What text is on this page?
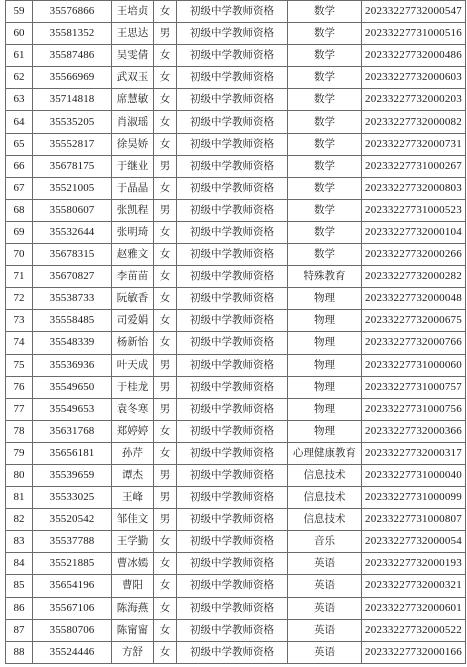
59	35576866	王培贞	女	初级中学教师资格	数学	20233227732000547
60	35581352	王思达	男	初级中学教师资格	数学	20233227731000516
61	35587486	吴雯倩	女	初级中学教师资格	数学	20233227732000486
62	35566969	武双玉	女	初级中学教师资格	数学	20233227732000603
63	35714818	席慧敏	女	初级中学教师资格	数学	20233227732000203
64	35535205	肖淑瑶	女	初级中学教师资格	数学	20233227732000082
65	35552817	徐昊娇	女	初级中学教师资格	数学	20233227732000731
66	35678175	于继业	男	初级中学教师资格	数学	20233227731000267
67	35521005	于晶晶	女	初级中学教师资格	数学	20233227732000803
68	35580607	张凯程	男	初级中学教师资格	数学	20233227731000523
69	35532644	张明琦	女	初级中学教师资格	数学	20233227732000104
70	35678315	赵雅文	女	初级中学教师资格	数学	20233227732000266
71	35670827	李苗苗	女	初级中学教师资格	特殊教育	20233227732000282
72	35538733	阮敏香	女	初级中学教师资格	物理	20233227732000048
73	35558485	司爱娟	女	初级中学教师资格	物理	20233227732000675
74	35548339	杨新怡	女	初级中学教师资格	物理	20233227732000766
75	35536936	叶天成	男	初级中学教师资格	物理	20233227731000060
76	35549650	于桂龙	男	初级中学教师资格	物理	20233227731000757
77	35549653	袁冬寒	男	初级中学教师资格	物理	20233227731000756
78	35631768	郑婷婷	女	初级中学教师资格	物理	20233227732000366
79	35656181	孙芹	女	初级中学教师资格	心理健康教育	20233227732000317
80	35539659	谭杰	男	初级中学教师资格	信息技术	20233227731000040
81	35533025	王峰	男	初级中学教师资格	信息技术	20233227731000099
82	35520542	邹佳文	男	初级中学教师资格	信息技术	20233227731000807
83	35537788	王学勤	女	初级中学教师资格	音乐	20233227732000054
84	35521885	曹冰嫣	女	初级中学教师资格	英语	20233227732000193
85	35654196	曹阳	女	初级中学教师资格	英语	20233227732000321
86	35567106	陈海燕	女	初级中学教师资格	英语	20233227732000601
87	35580706	陈甯甯	女	初级中学教师资格	英语	20233227732000522
88	35524446	方舒	女	初级中学教师资格	英语	20233227732000166
